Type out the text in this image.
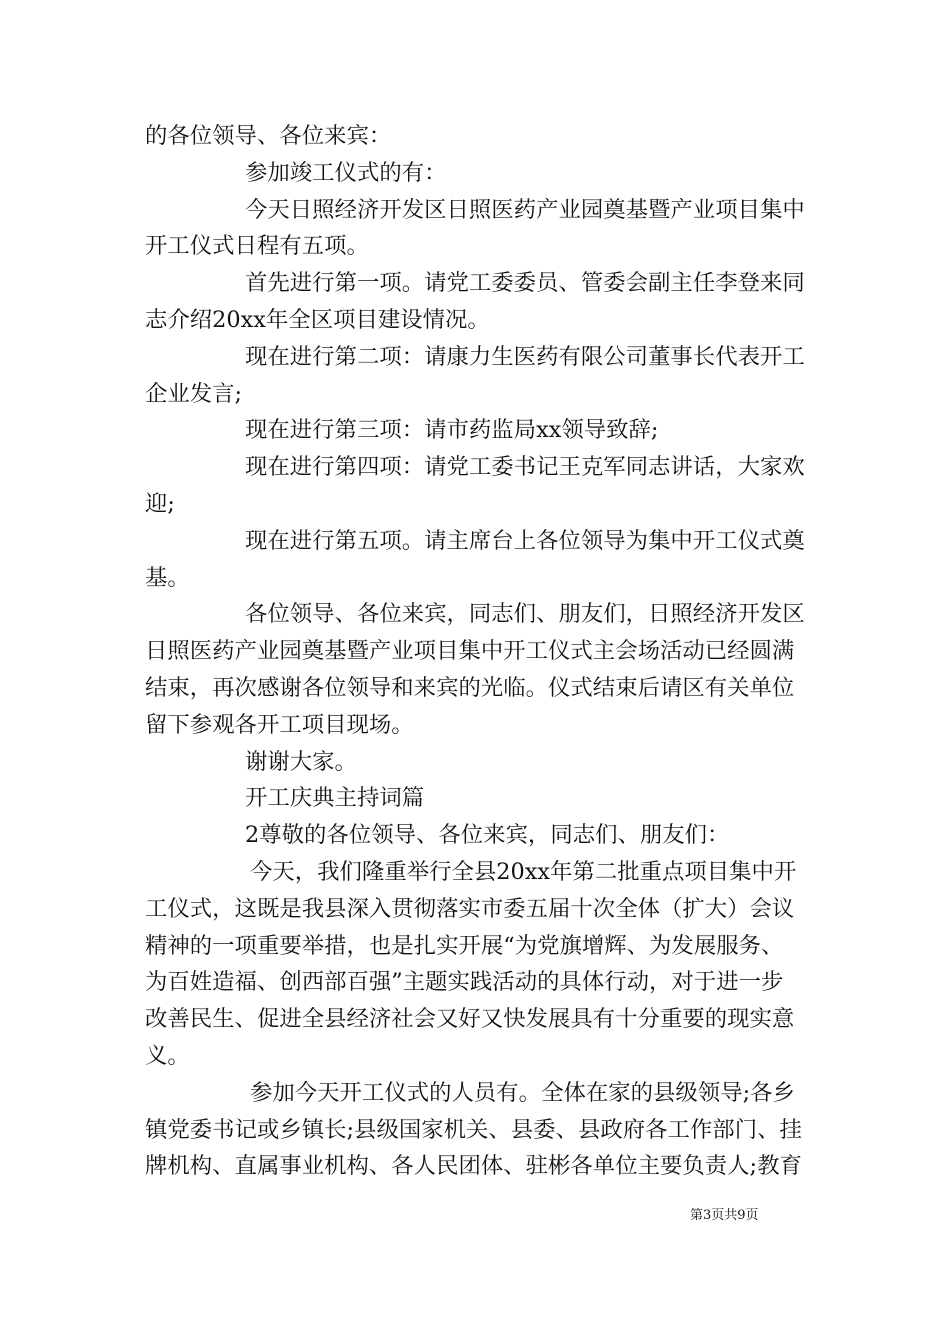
的各位领导、各位来宾：
参加竣工仪式的有：
今天日照经济开发区日照医药产业园奠基暨产业项目集中
开工仪式日程有五项。
首先进行第一项。请党工委委员、管委会副主任李登来同
志介绍20xx年全区项目建设情况。
现在进行第二项：请康力生医药有限公司董事长代表开工
企业发言;
现在进行第三项：请市药监局xx领导致辞;
现在进行第四项：请党工委书记王克军同志讲话，大家欢
迎;
现在进行第五项。请主席台上各位领导为集中开工仪式奠
基。
各位领导、各位来宾，同志们、朋友们，日照经济开发区
日照医药产业园奠基暨产业项目集中开工仪式主会场活动已经圆满
结束，再次感谢各位领导和来宾的光临。仪式结束后请区有关单位
留下参观各开工项目现场。
谢谢大家。
开工庆典主持词篇
2尊敬的各位领导、各位来宾，同志们、朋友们：
今天，我们隆重举行全县20xx年第二批重点项目集中开
工仪式，这既是我县深入贯彻落实市委五届十次全体（扩大）会议
精神的一项重要举措，也是扎实开展“为党旗增辉、为发展服务、
为百姓造福、创西部百强”主题实践活动的具体行动，对于进一步
改善民生、促进全县经济社会又好又快发展具有十分重要的现实意
义。
参加今天开工仪式的人员有。全体在家的县级领导;各乡
镇党委书记或乡镇长;县级国家机关、县委、县政府各工作部门、挂
牌机构、直属事业机构、各人民团体、驻彬各单位主要负责人;教育
第3页共9页
